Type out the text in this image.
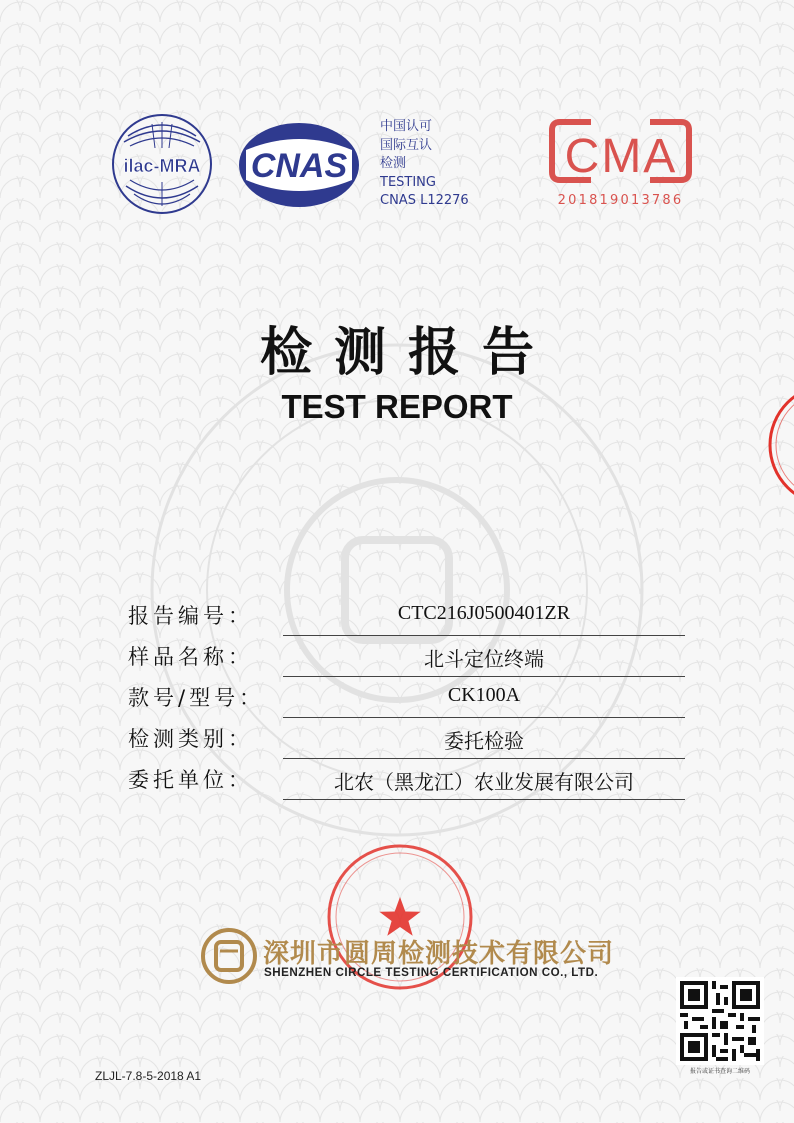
ilac-MRA CNAS
中国认可
国际互认
检测
TESTING
CNAS L12276
CMA
201819013786
检测报告
TEST REPORT
报告编号：	CTC216J0500401ZR
样品名称：	北斗定位终端
款号/型号：	CK100A
检测类别：	委托检验
委托单位：	北农（黑龙江）农业发展有限公司
深圳市圆周检测技术有限公司
SHENZHEN CIRCLE TESTING CERTIFICATION CO., LTD.
报告或证书查询二维码
ZLJL-7.8-5-2018 A1
